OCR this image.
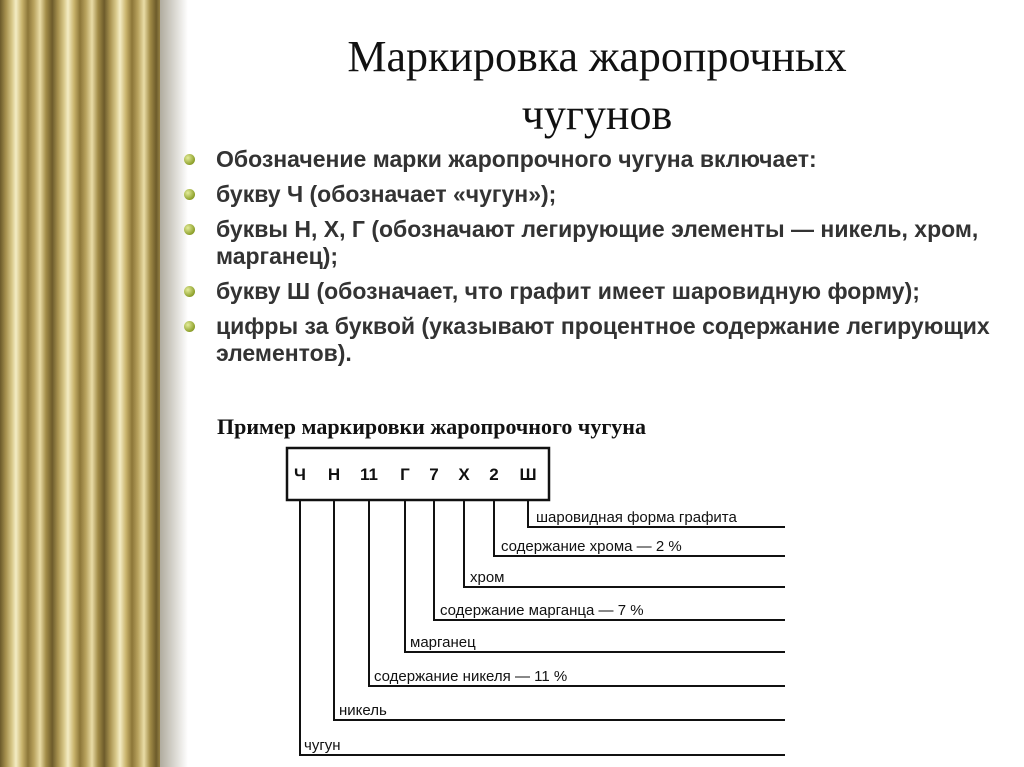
Маркировка жаропрочных
чугунов
Обозначение марки жаропрочного чугуна включает:
букву Ч (обозначает «чугун»);
буквы Н, Х, Г (обозначают легирующие элементы — никель, хром, марганец);
букву Ш (обозначает, что графит имеет шаровидную форму);
цифры за буквой (указывают процентное содержание легирующих элементов).
Пример маркировки жаропрочного чугуна
Ч Н 11 Г 7 Х 2 Ш
шаровидная форма графита
содержание хрома — 2 %
хром
содержание марганца — 7 %
марганец
содержание никеля — 11 %
никель
чугун
